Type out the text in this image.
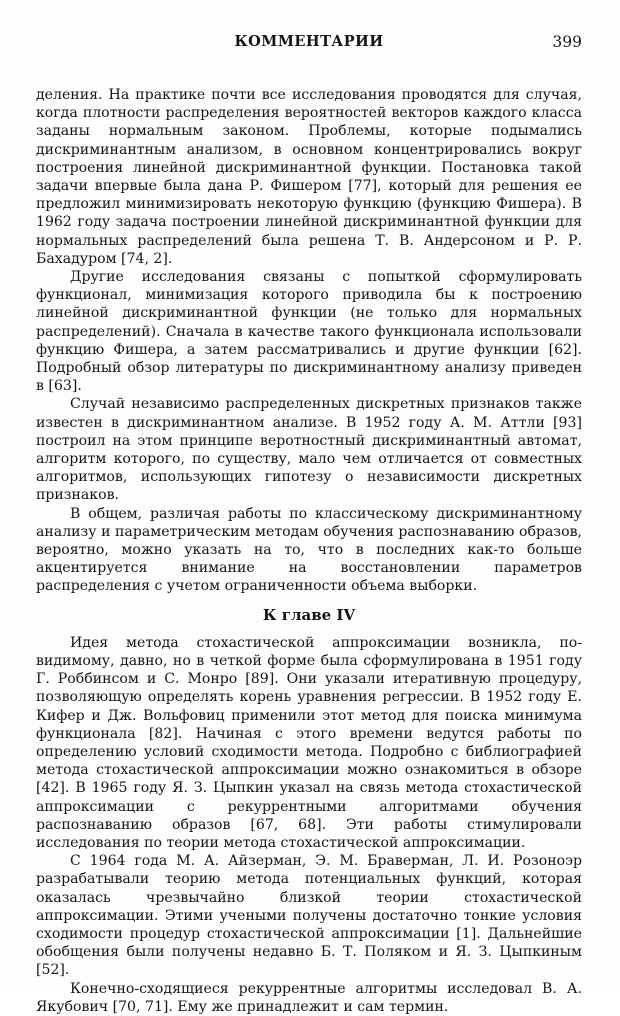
КОММЕНТАРИИ	399

деления. На практике почти все исследования проводятся для случая, когда плотности распределения вероятностей векторов каждого класса заданы нормальным законом. Проблемы, которые подымались дискриминантным анализом, в основном концентрировались вокруг построения линейной дискриминантной функции. Постановка такой задачи впервые была дана Р. Фишером [77], который для решения ее предложил минимизировать некоторую функцию (функцию Фишера). В 1962 году задача построении линейной дискриминантной функции для нормальных распределений была решена Т. В. Андерсоном и Р. Р. Бахадуром [74, 2].

Другие исследования связаны с попыткой сформулировать функционал, минимизация которого приводила бы к построению линейной дискриминантной функции (не только для нормальных распределений). Сначала в качестве такого функционала использовали функцию Фишера, а затем рассматривались и другие функции [62]. Подробный обзор литературы по дискриминантному анализу приведен в [63].

Случай независимо распределенных дискретных признаков также известен в дискриминантном анализе. В 1952 году А. М. Аттли [93] построил на этом принципе веротностный дискриминантный автомат, алгоритм которого, по существу, мало чем отличается от совместных алгоритмов, использующих гипотезу о независимости дискретных признаков.

В общем, различая работы по классическому дискриминантному анализу и параметрическим методам обучения распознаванию образов, вероятно, можно указать на то, что в последних как-то больше акцентируется внимание на восстановлении параметров распределения с учетом ограниченности объема выборки.

К главе IV

Идея метода стохастической аппроксимации возникла, по-видимому, давно, но в четкой форме была сформулирована в 1951 году Г. Роббинсом и С. Монро [89]. Они указали итеративную процедуру, позволяющую определять корень уравнения регрессии. В 1952 году Е. Кифер и Дж. Вольфовиц применили этот метод для поиска минимума функционала [82]. Начиная с этого времени ведутся работы по определению условий сходимости метода. Подробно с библиографией метода стохастической аппроксимации можно ознакомиться в обзоре [42]. В 1965 году Я. З. Цыпкин указал на связь метода стохастической аппроксимации с рекуррентными алгоритмами обучения распознаванию образов [67, 68]. Эти работы стимулировали исследования по теории метода стохастической аппроксимации.

С 1964 года М. А. Айзерман, Э. М. Браверман, Л. И. Розоноэр разрабатывали теорию метода потенциальных функций, которая оказалась чрезвычайно близкой теории стохастической аппроксимации. Этими учеными получены достаточно тонкие условия сходимости процедур стохастической аппроксимации [1]. Дальнейшие обобщения были получены недавно Б. Т. Поляком и Я. З. Цыпкиным [52].

Конечно-сходящиеся рекуррентные алгоритмы исследовал В. А. Якубович [70, 71]. Ему же принадлежит и сам термин.
